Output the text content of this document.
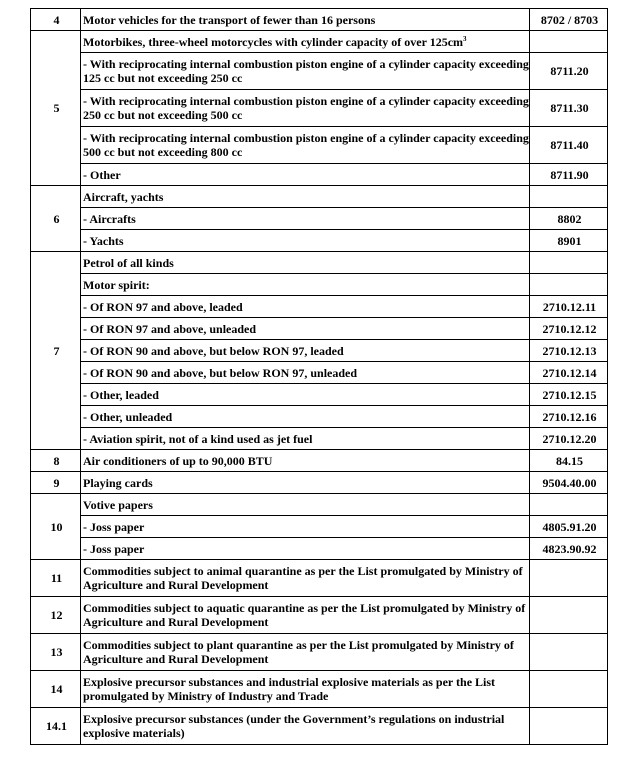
4	Motor vehicles for the transport of fewer than 16 persons	8702 / 8703
5	Motorbikes, three-wheel motorcycles with cylinder capacity of over $125cm^3$	
	- With reciprocating internal combustion piston engine of a cylinder capacity exceeding 125 cc but not exceeding 250 cc	8711.20
	- With reciprocating internal combustion piston engine of a cylinder capacity exceeding 250 cc but not exceeding 500 cc	8711.30
	- With reciprocating internal combustion piston engine of a cylinder capacity exceeding 500 cc but not exceeding 800 cc	8711.40
	- Other	8711.90
6	Aircraft, yachts	
	- Aircrafts	8802
	- Yachts	8901
7	Petrol of all kinds	
	Motor spirit:	
	- Of RON 97 and above, leaded	2710.12.11
	- Of RON 97 and above, unleaded	2710.12.12
	- Of RON 90 and above, but below RON 97, leaded	2710.12.13
	- Of RON 90 and above, but below RON 97, unleaded	2710.12.14
	- Other, leaded	2710.12.15
	- Other, unleaded	2710.12.16
	- Aviation spirit, not of a kind used as jet fuel	2710.12.20
8	Air conditioners of up to 90,000 BTU	84.15
9	Playing cards	9504.40.00
10	Votive papers	
	- Joss paper	4805.91.20
	- Joss paper	4823.90.92
11	Commodities subject to animal quarantine as per the List promulgated by Ministry of Agriculture and Rural Development	
12	Commodities subject to aquatic quarantine as per the List promulgated by Ministry of Agriculture and Rural Development	
13	Commodities subject to plant quarantine as per the List promulgated by Ministry of Agriculture and Rural Development	
14	Explosive precursor substances and industrial explosive materials as per the List promulgated by Ministry of Industry and Trade	
14.1	Explosive precursor substances (under the Government’s regulations on industrial explosive materials)	
